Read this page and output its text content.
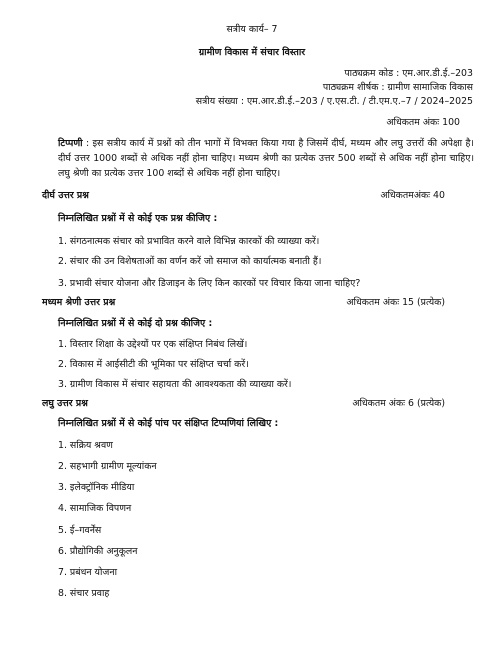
सत्रीय कार्य– 7
ग्रामीण विकास में संचार विस्तार
पाठ्यक्रम कोड : एम.आर.डी.ई.–203
पाठ्यक्रम शीर्षक : ग्रामीण सामाजिक विकास
सत्रीय संख्या : एम.आर.डी.ई.–203 / ए.एस.टी. / टी.एम.ए.–7 / 2024–2025
अधिकतम अंकः 100
टिप्पणी : इस सत्रीय कार्य में प्रश्नों को तीन भागों में विभक्त किया गया है जिसमें दीर्घ, मध्यम और लघु उत्तरों की अपेक्षा है। दीर्घ उत्तर 1000 शब्दों से अधिक नहीं होना चाहिए। मध्यम श्रेणी का प्रत्येक उत्तर 500 शब्दों से अधिक नहीं होना चाहिए। लघु श्रेणी का प्रत्येक उत्तर 100 शब्दों से अधिक नहीं होना चाहिए।
दीर्घ उत्तर प्रश्न	अधिकतमअंकः 40
निम्नलिखित प्रश्नों में से कोई एक प्रश्न कीजिए :
1. संगठनात्मक संचार को प्रभावित करने वाले विभिन्न कारकों की व्याख्या करें।
2. संचार की उन विशेषताओं का वर्णन करें जो समाज को कार्यात्मक बनाती हैं।
3. प्रभावी संचार योजना और डिजाइन के लिए किन कारकों पर विचार किया जाना चाहिए?
मध्यम श्रेणी उत्तर प्रश्न	अधिकतम अंकः 15 (प्रत्येक)
निम्नलिखित प्रश्नों में से कोई दो प्रश्न कीजिए :
1. विस्तार शिक्षा के उद्देश्यों पर एक संक्षिप्त निबंध लिखें।
2. विकास में आईसीटी की भूमिका पर संक्षिप्त चर्चा करें।
3. ग्रामीण विकास में संचार सहायता की आवश्यकता की व्याख्या करें।
लघु उत्तर प्रश्न	अधिकतम अंकः 6 (प्रत्येक)
निम्नलिखित प्रश्नों में से कोई पांच पर संक्षिप्त टिप्पणियां लिखिए :
1. सक्रिय श्रवण
2. सहभागी ग्रामीण मूल्यांकन
3. इलेक्ट्रॉनिक मीडिया
4. सामाजिक विपणन
5. ई–गवर्नेंस
6. प्रौद्योगिकी अनुकूलन
7. प्रबंधन योजना
8. संचार प्रवाह
